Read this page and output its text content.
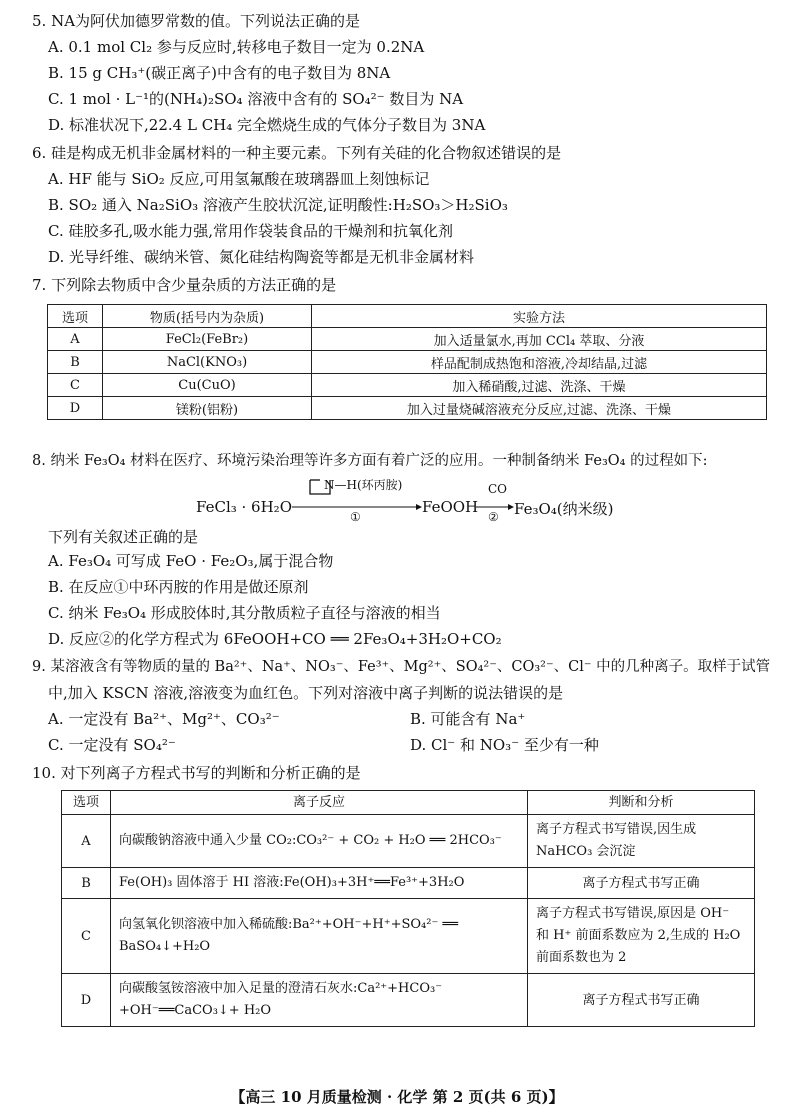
5. NA为阿伏加德罗常数的值。下列说法正确的是
A. 0.1 mol Cl₂ 参与反应时,转移电子数目一定为 0.2NA
B. 15 g CH₃⁺(碳正离子)中含有的电子数目为 8NA
C. 1 mol · L⁻¹的(NH₄)₂SO₄ 溶液中含有的 SO₄²⁻ 数目为 NA
D. 标准状况下,22.4 L CH₄ 完全燃烧生成的气体分子数目为 3NA
6. 硅是构成无机非金属材料的一种主要元素。下列有关硅的化合物叙述错误的是
A. HF 能与 SiO₂ 反应,可用氢氟酸在玻璃器皿上刻蚀标记
B. SO₂ 通入 Na₂SiO₃ 溶液产生胶状沉淀,证明酸性:H₂SO₃＞H₂SiO₃
C. 硅胶多孔,吸水能力强,常用作袋装食品的干燥剂和抗氧化剂
D. 光导纤维、碳纳米管、氮化硅结构陶瓷等都是无机非金属材料
7. 下列除去物质中含少量杂质的方法正确的是
选项	物质(括号内为杂质)	实验方法
A	FeCl₂(FeBr₂)	加入适量氯水,再加 CCl₄ 萃取、分液
B	NaCl(KNO₃)	样品配制成热饱和溶液,冷却结晶,过滤
C	Cu(CuO)	加入稀硝酸,过滤、洗涤、干燥
D	镁粉(铝粉)	加入过量烧碱溶液充分反应,过滤、洗涤、干燥
8. 纳米 Fe₃O₄ 材料在医疗、环境污染治理等许多方面有着广泛的应用。一种制备纳米 Fe₃O₄ 的过程如下:
FeCl₃ · 6H₂O
N—H(环丙胺)
①
FeOOH
CO
② Fe₃O₄(纳米级)
下列有关叙述正确的是
A. Fe₃O₄ 可写成 FeO · Fe₂O₃,属于混合物
B. 在反应①中环丙胺的作用是做还原剂
C. 纳米 Fe₃O₄ 形成胶体时,其分散质粒子直径与溶液的相当
D. 反应②的化学方程式为 6FeOOH+CO ══ 2Fe₃O₄+3H₂O+CO₂
9. 某溶液含有等物质的量的 Ba²⁺、Na⁺、NO₃⁻、Fe³⁺、Mg²⁺、SO₄²⁻、CO₃²⁻、Cl⁻ 中的几种离子。取样于试管
中,加入 KSCN 溶液,溶液变为血红色。下列对溶液中离子判断的说法错误的是
A. 一定没有 Ba²⁺、Mg²⁺、CO₃²⁻	B. 可能含有 Na⁺
C. 一定没有 SO₄²⁻	D. Cl⁻ 和 NO₃⁻ 至少有一种
10. 对下列离子方程式书写的判断和分析正确的是
选项	离子反应	判断和分析
A	向碳酸钠溶液中通入少量 CO₂:CO₃²⁻ + CO₂ + H₂O ══ 2HCO₃⁻	离子方程式书写错误,因生成 NaHCO₃ 会沉淀
B	Fe(OH)₃ 固体溶于 HI 溶液:Fe(OH)₃+3H⁺══Fe³⁺+3H₂O	离子方程式书写正确
C	向氢氧化钡溶液中加入稀硫酸:Ba²⁺+OH⁻+H⁺+SO₄²⁻ ══ BaSO₄↓+H₂O	离子方程式书写错误,原因是 OH⁻ 和 H⁺ 前面系数应为 2,生成的 H₂O 前面系数也为 2
D	向碳酸氢铵溶液中加入足量的澄清石灰水:Ca²⁺+HCO₃⁻ +OH⁻══CaCO₃↓+ H₂O	离子方程式书写正确
【高三 10 月质量检测 · 化学 第 2 页(共 6 页)】
